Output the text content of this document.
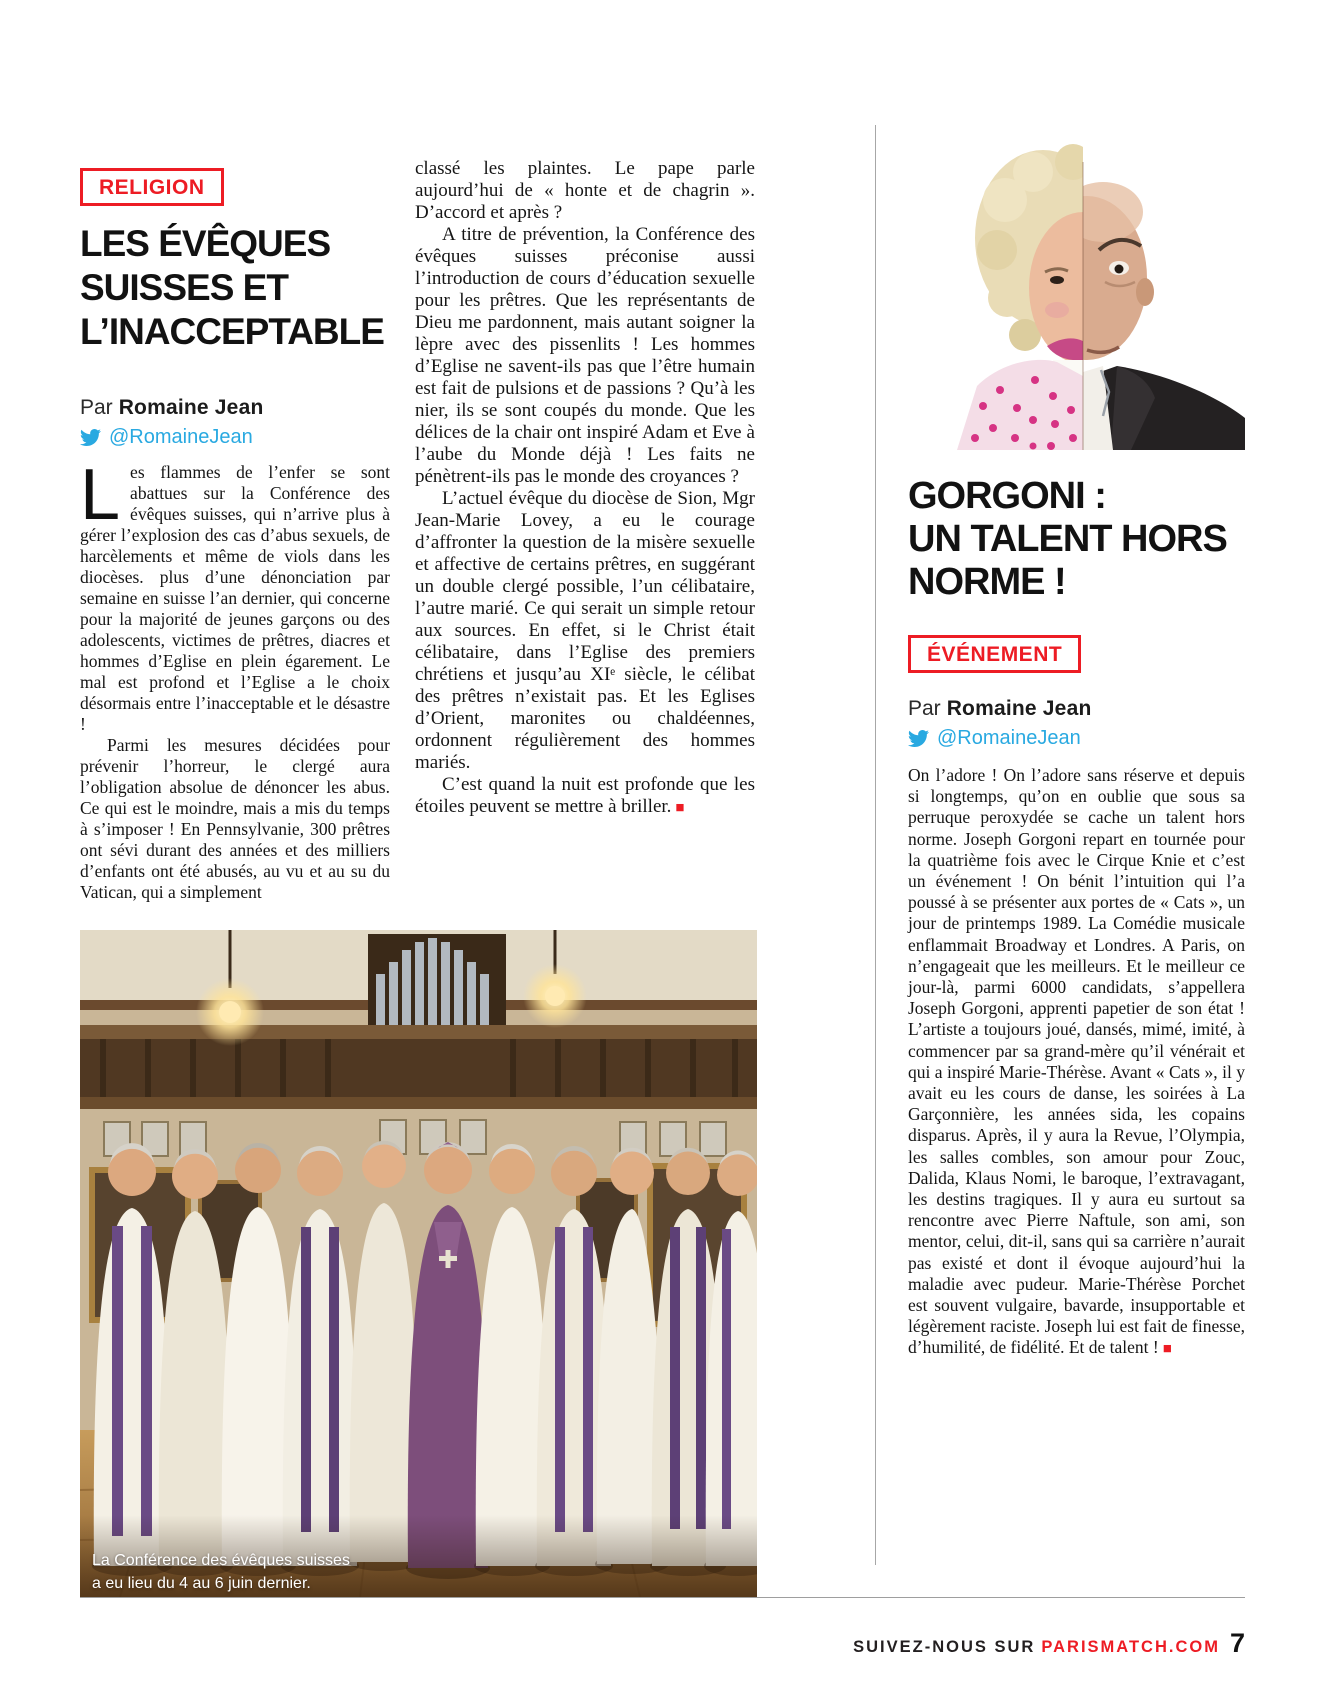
RELIGION
LES ÉVÊQUES
SUISSES ET
L’INACCEPTABLE
Par Romaine Jean
@RomaineJean

Les flammes de l’enfer se sont abattues sur la Conférence des évêques suisses, qui n’arrive plus à gérer l’explosion des cas d’abus sexuels, de harcèlements et même de viols dans les diocèses. plus d’une dénonciation par semaine en suisse l’an dernier, qui concerne pour la majorité de jeunes garçons ou des adolescents, victimes de prêtres, diacres et hommes d’Eglise en plein égarement. Le mal est profond et l’Eglise a le choix désormais entre l’inacceptable et le désastre !

Parmi les mesures décidées pour prévenir l’horreur, le clergé aura l’obligation absolue de dénoncer les abus. Ce qui est le moindre, mais a mis du temps à s’imposer ! En Pennsylvanie, 300 prêtres ont sévi durant des années et des milliers d’enfants ont été abusés, au vu et au su du Vatican, qui a simplement

classé les plaintes. Le pape parle aujourd’hui de « honte et de chagrin ». D’accord et après ?

A titre de prévention, la Conférence des évêques suisses préconise aussi l’introduction de cours d’éducation sexuelle pour les prêtres. Que les représentants de Dieu me pardonnent, mais autant soigner la lèpre avec des pissenlits ! Les hommes d’Eglise ne savent-ils pas que l’être humain est fait de pulsions et de passions ? Qu’à les nier, ils se sont coupés du monde. Que les délices de la chair ont inspiré Adam et Eve à l’aube du Monde déjà ! Les faits ne pénètrent-ils pas le monde des croyances ?

L’actuel évêque du diocèse de Sion, Mgr Jean-Marie Lovey, a eu le courage d’affronter la question de la misère sexuelle et affective de certains prêtres, en suggérant un double clergé possible, l’un célibataire, l’autre marié. Ce qui serait un simple retour aux sources. En effet, si le Christ était célibataire, dans l’Eglise des premiers chrétiens et jusqu’au XIᵉ siècle, le célibat des prêtres n’existait pas. Et les Eglises d’Orient, maronites ou chaldéennes, ordonnent régulièrement des hommes mariés.

C’est quand la nuit est profonde que les étoiles peuvent se mettre à briller. ■

GORGONI :
UN TALENT HORS
NORME !
ÉVÉNEMENT
Par Romaine Jean
@RomaineJean

On l’adore ! On l’adore sans réserve et depuis si longtemps, qu’on en oublie que sous sa perruque peroxydée se cache un talent hors norme. Joseph Gorgoni repart en tournée pour la quatrième fois avec le Cirque Knie et c’est un événement ! On bénit l’intuition qui l’a poussé à se présenter aux portes de « Cats », un jour de printemps 1989. La Comédie musicale enflammait Broadway et Londres. A Paris, on n’engageait que les meilleurs. Et le meilleur ce jour-là, parmi 6000 candidats, s’appellera Joseph Gorgoni, apprenti papetier de son état ! L’artiste a toujours joué, dansés, mimé, imité, à commencer par sa grand-mère qu’il vénérait et qui a inspiré Marie-Thérèse. Avant « Cats », il y avait eu les cours de danse, les soirées à La Garçonnière, les années sida, les copains disparus. Après, il y aura la Revue, l’Olympia, les salles combles, son amour pour Zouc, Dalida, Klaus Nomi, le baroque, l’extravagant, les destins tragiques. Il y aura eu surtout sa rencontre avec Pierre Naftule, son ami, son mentor, celui, dit-il, sans qui sa carrière n’aurait pas existé et dont il évoque aujourd’hui la maladie avec pudeur. Marie-Thérèse Porchet est souvent vulgaire, bavarde, insupportable et légèrement raciste. Joseph lui est fait de finesse, d’humilité, de fidélité. Et de talent ! ■

La Conférence des évêques suisses
a eu lieu du 4 au 6 juin dernier.
SUIVEZ-NOUS SUR PARISMATCH.COM 7
